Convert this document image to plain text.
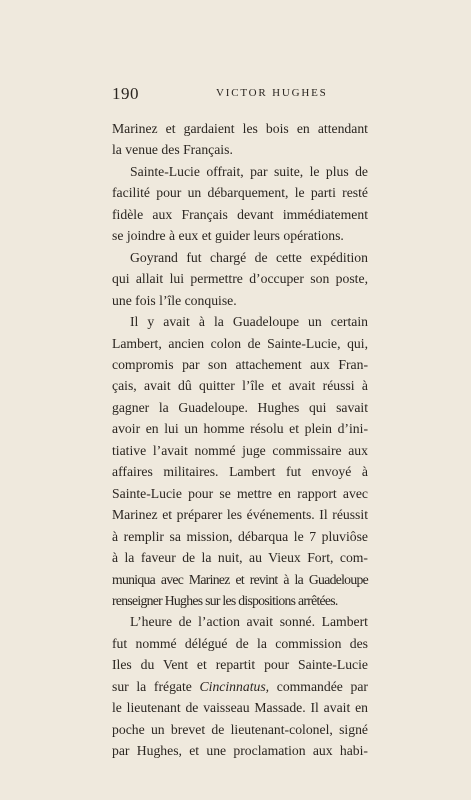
190	VICTOR HUGHES
Marinez et gardaient les bois en attendant
la venue des Français.
Sainte-Lucie offrait, par suite, le plus de
facilité pour un débarquement, le parti resté
fidèle aux Français devant immédiatement
se joindre à eux et guider leurs opérations.
Goyrand fut chargé de cette expédition
qui allait lui permettre d’occuper son poste,
une fois l’île conquise.
Il y avait à la Guadeloupe un certain
Lambert, ancien colon de Sainte-Lucie, qui,
compromis par son attachement aux Fran-
çais, avait dû quitter l’île et avait réussi à
gagner la Guadeloupe. Hughes qui savait
avoir en lui un homme résolu et plein d’ini-
tiative l’avait nommé juge commissaire aux
affaires militaires. Lambert fut envoyé à
Sainte-Lucie pour se mettre en rapport avec
Marinez et préparer les événements. Il réussit
à remplir sa mission, débarqua le 7 pluviôse
à la faveur de la nuit, au Vieux Fort, com-
muniqua avec Marinez et revint à la Guadeloupe
renseigner Hughes sur les dispositions arrêtées.
L’heure de l’action avait sonné. Lambert
fut nommé délégué de la commission des
Iles du Vent et repartit pour Sainte-Lucie
sur la frégate Cincinnatus, commandée par
le lieutenant de vaisseau Massade. Il avait en
poche un brevet de lieutenant-colonel, signé
par Hughes, et une proclamation aux habi-
